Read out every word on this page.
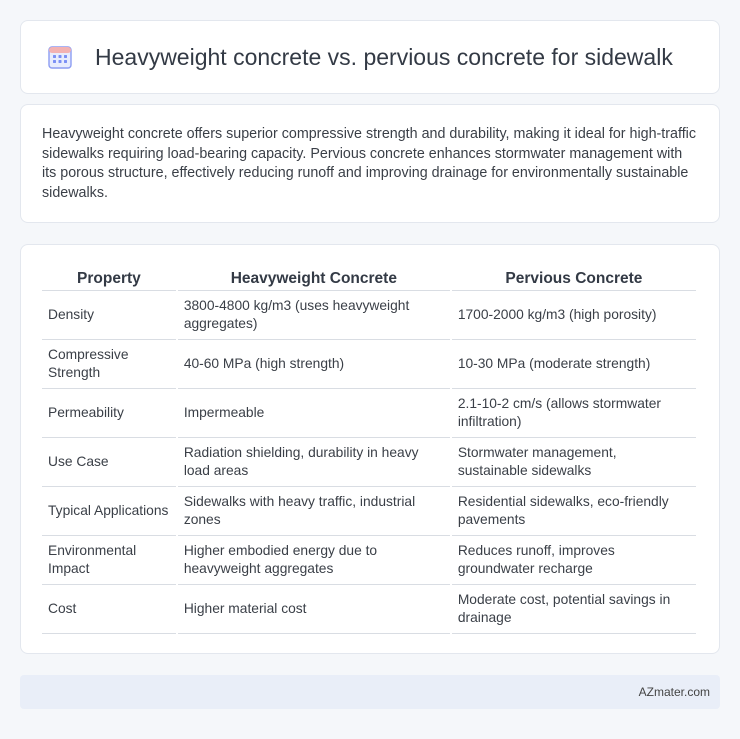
Heavyweight concrete vs. pervious concrete for sidewalk

Heavyweight concrete offers superior compressive strength and durability, making it ideal for high-traffic sidewalks requiring load-bearing capacity. Pervious concrete enhances stormwater management with its porous structure, effectively reducing runoff and improving drainage for environmentally sustainable sidewalks.

Property	Heavyweight Concrete	Pervious Concrete
Density	3800-4800 kg/m3 (uses heavyweight aggregates)	1700-2000 kg/m3 (high porosity)
Compressive Strength	40-60 MPa (high strength)	10-30 MPa (moderate strength)
Permeability	Impermeable	2.1-10-2 cm/s (allows stormwater infiltration)
Use Case	Radiation shielding, durability in heavy load areas	Stormwater management, sustainable sidewalks
Typical Applications	Sidewalks with heavy traffic, industrial zones	Residential sidewalks, eco-friendly pavements
Environmental Impact	Higher embodied energy due to heavyweight aggregates	Reduces runoff, improves groundwater recharge
Cost	Higher material cost	Moderate cost, potential savings in drainage
AZmater.com
